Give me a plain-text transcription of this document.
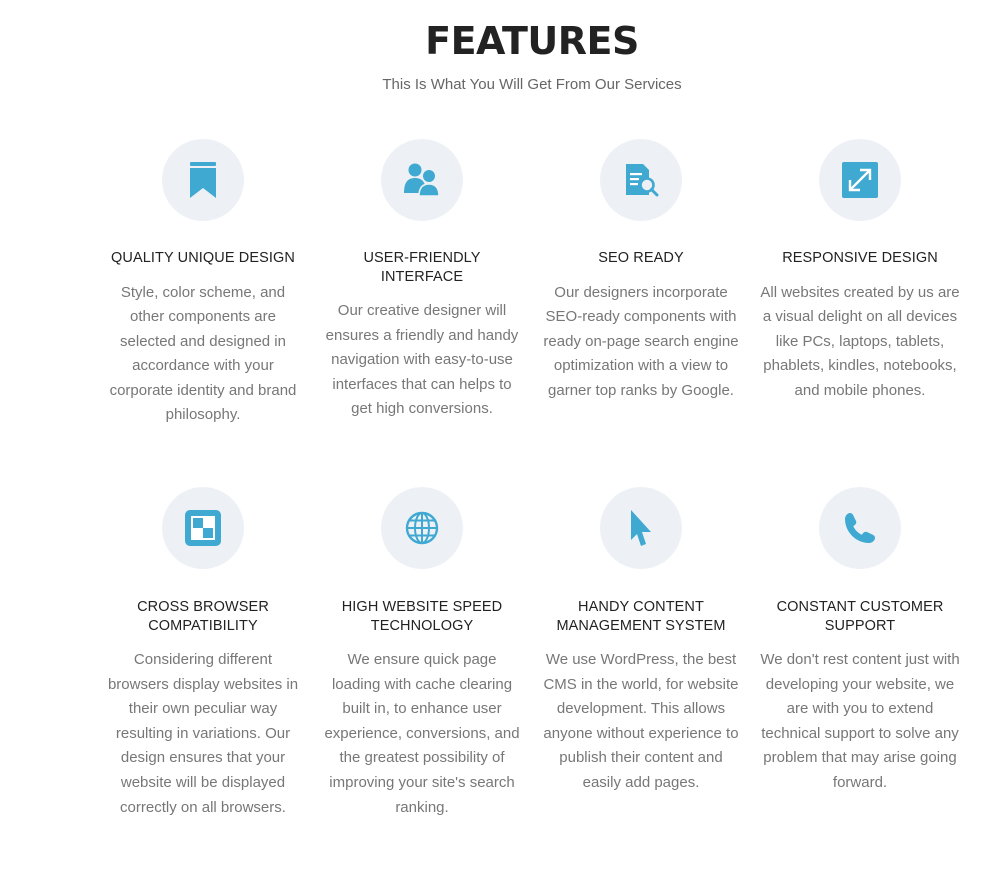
FEATURES

This Is What You Will Get From Our Services

QUALITY UNIQUE DESIGN

Style, color scheme, and other components are selected and designed in accordance with your corporate identity and brand philosophy.

USER-FRIENDLY INTERFACE

Our creative designer will ensures a friendly and handy navigation with easy-to-use interfaces that can helps to get high conversions.

SEO READY

Our designers incorporate SEO-ready components with ready on-page search engine optimization with a view to garner top ranks by Google.

RESPONSIVE DESIGN

All websites created by us are a visual delight on all devices like PCs, laptops, tablets, phablets, kindles, notebooks, and mobile phones.

CROSS BROWSER
COMPATIBILITY

Considering different browsers display websites in their own peculiar way resulting in variations. Our design ensures that your website will be displayed correctly on all browsers.

HIGH WEBSITE SPEED
TECHNOLOGY

We ensure quick page loading with cache clearing built in, to enhance user experience, conversions, and the greatest possibility of improving your site's search ranking.

HANDY CONTENT
MANAGEMENT SYSTEM

We use WordPress, the best CMS in the world, for website development. This allows anyone without experience to publish their content and easily add pages.

CONSTANT CUSTOMER
SUPPORT

We don't rest content just with developing your website, we are with you to extend technical support to solve any problem that may arise going forward.
